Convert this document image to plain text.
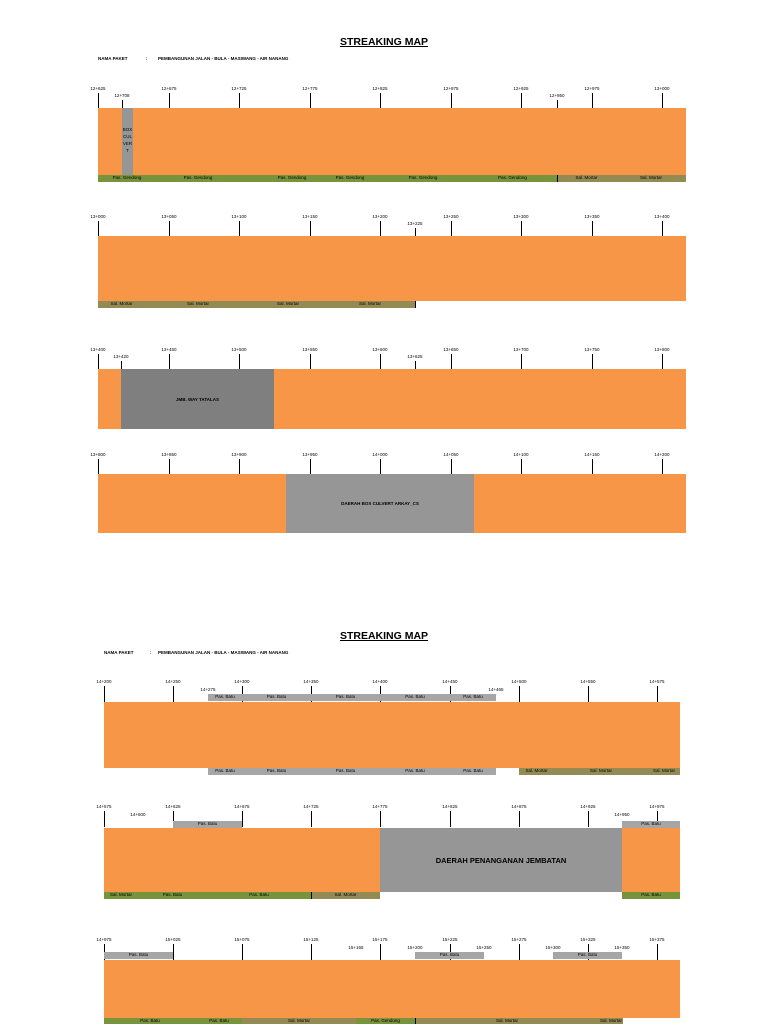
STREAKING MAP
NAMA PAKET	: PEMBANGUNAN JALAN - BULA - MASIWANG - AIR NANANG
12+625	12+675	12+725	12+775	12+825	12+875	12+925	12+975	13+000
12+708	12+950
BOX CUL VER T
Pas. Gendong	Pas. Gendong	Pas. Gendong	Pas. Gendong	Pas. Gendong	Pas. Gendong	Sal. Mortar	Sal. Mortar
13+000	13+050	13+100	13+150	13+200	13+250	13+300	13+350	13+400
13+225
Sal. Mortar	Sal. Mortar	Sal. Mortar	Sal. Mortar
13+400	13+450	13+500	13+550	13+600	13+650	13+700	13+750	13+800
13+420	13+625
JMB. WAY TATALAS
13+800	13+850	13+900	13+950	14+000	14+050	14+100	14+150	14+200
DAERAH BOX CULVERT ARKAY_CS
STREAKING MAP
NAMA PAKET	: PEMBANGUNAN JALAN - BULA - MASIWANG - AIR NANANG
14+200	14+250	14+300	14+350	14+400	14+450	14+500	14+550	14+575
14+275	14+465
Pas. Batu	Pas. Batu	Pas. Batu	Pas. Batu	Pas. Batu
Pas. Batu	Pas. Batu	Pas. Batu	Pas. Batu	Pas. Batu	Sal. Mortar	Sal. Mortar	Sal. Mortar
14+575	14+625	14+675	14+725	14+775	14+825	14+875	14+925	14+975
14+600	14+950
Pas. Batu	Pas. Batu
DAERAH PENANGANAN JEMBATAN
Sal. Mortar	Pas. Batu	Pas. Batu	Sal. Mortar	Pas. Batu
14+975	15+025	15+075	15+125	15+175	15+225	15+275	15+325	15+375
15+165	15+200	15+250	15+300	15+350
Pas. Batu	Pas. Batu	Pas. Batu
Pas. Batu	Pas. Batu	Sal. Mortar	Pas. Gendong	Sal. Mortar	Sal. Mortar
